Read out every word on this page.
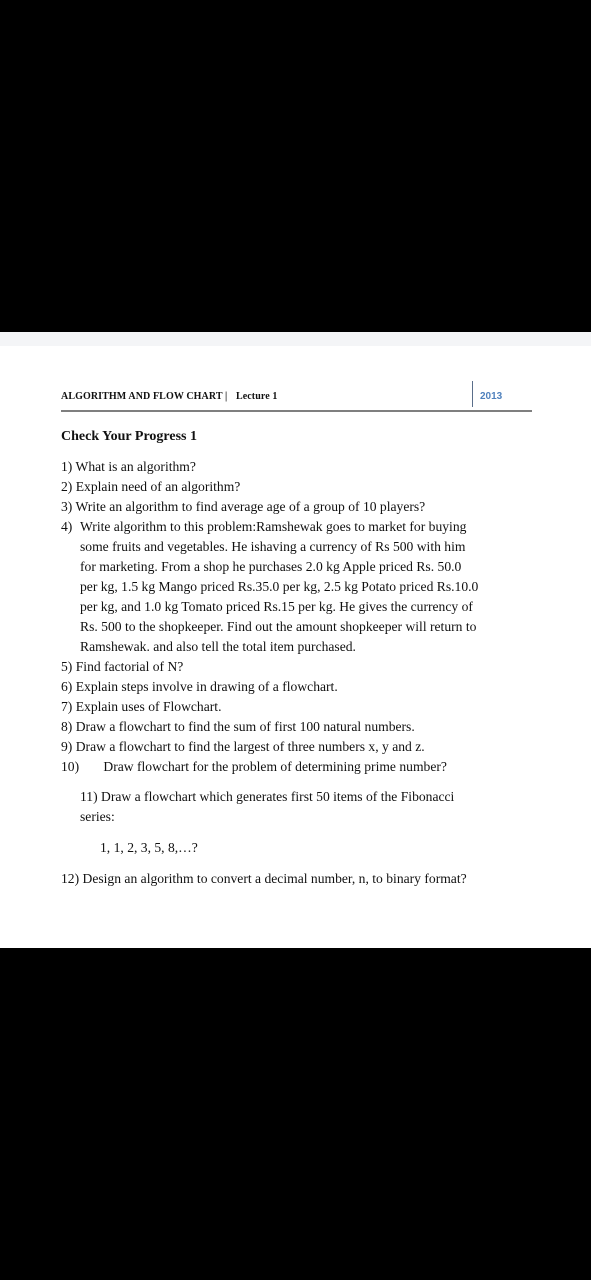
ALGORITHM AND FLOW CHART | Lecture 1	2013
Check Your Progress 1
1) What is an algorithm?
2) Explain need of an algorithm?
3) Write an algorithm to find average age of a group of 10 players?
4) Write algorithm to this problem:Ramshewak goes to market for buying
some fruits and vegetables. He ishaving a currency of Rs 500 with him
for marketing. From a shop he purchases 2.0 kg Apple priced Rs. 50.0
per kg, 1.5 kg Mango priced Rs.35.0 per kg, 2.5 kg Potato priced Rs.10.0
per kg, and 1.0 kg Tomato priced Rs.15 per kg. He gives the currency of
Rs. 500 to the shopkeeper. Find out the amount shopkeeper will return to
Ramshewak. and also tell the total item purchased.
5) Find factorial of N?
6) Explain steps involve in drawing of a flowchart.
7) Explain uses of Flowchart.
8) Draw a flowchart to find the sum of first 100 natural numbers.
9) Draw a flowchart to find the largest of three numbers x, y and z.
10) Draw flowchart for the problem of determining prime number?
11) Draw a flowchart which generates first 50 items of the Fibonacci
series:
1, 1, 2, 3, 5, 8,…?
12) Design an algorithm to convert a decimal number, n, to binary format?
